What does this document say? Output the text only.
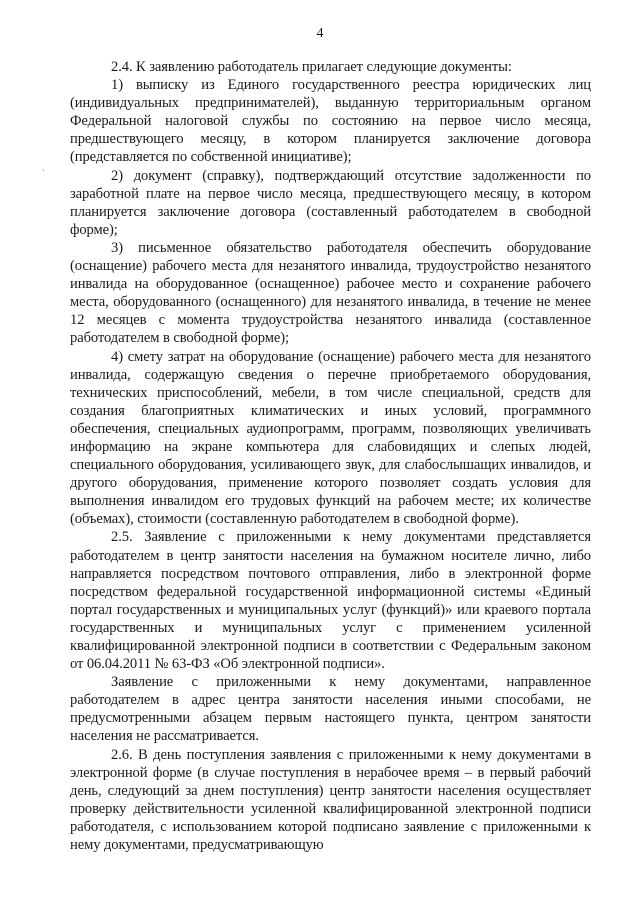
4
·

2.4. К заявлению работодатель прилагает следующие документы:

1) выписку из Единого государственного реестра юридических лиц (индивидуальных предпринимателей), выданную территориальным органом Федеральной налоговой службы по состоянию на первое число месяца, предшествующего месяцу, в котором планируется заключение договора (представляется по собственной инициативе);

2) документ (справку), подтверждающий отсутствие задолженности по заработной плате на первое число месяца, предшествующего месяцу, в котором планируется заключение договора (составленный работодателем в свободной форме);

3) письменное обязательство работодателя обеспечить оборудование (оснащение) рабочего места для незанятого инвалида, трудоустройство незанятого инвалида на оборудованное (оснащенное) рабочее место и сохранение рабочего места, оборудованного (оснащенного) для незанятого инвалида, в течение не менее 12 месяцев с момента трудоустройства незанятого инвалида (составленное работодателем в свободной форме);

4) смету затрат на оборудование (оснащение) рабочего места для незанятого инвалида, содержащую сведения о перечне приобретаемого оборудования, технических приспособлений, мебели, в том числе специальной, средств для создания благоприятных климатических и иных условий, программного обеспечения, специальных аудиопрограмм, программ, позволяющих увеличивать информацию на экране компьютера для слабовидящих и слепых людей, специального оборудования, усиливающего звук, для слабослышащих инвалидов, и другого оборудования, применение которого позволяет создать условия для выполнения инвалидом его трудовых функций на рабочем месте; их количестве (объемах), стоимости (составленную работодателем в свободной форме).

2.5. Заявление с приложенными к нему документами представляется работодателем в центр занятости населения на бумажном носителе лично, либо направляется посредством почтового отправления, либо в электронной форме посредством федеральной государственной информационной системы «Единый портал государственных и муниципальных услуг (функций)» или краевого портала государственных и муниципальных услуг с применением усиленной квалифицированной электронной подписи в соответствии с Федеральным законом от 06.04.2011 № 63-ФЗ «Об электронной подписи».

Заявление с приложенными к нему документами, направленное работодателем в адрес центра занятости населения иными способами, не предусмотренными абзацем первым настоящего пункта, центром занятости населения не рассматривается.

2.6. В день поступления заявления с приложенными к нему документами в электронной форме (в случае поступления в нерабочее время – в первый рабочий день, следующий за днем поступления) центр занятости населения осуществляет проверку действительности усиленной квалифицированной электронной подписи работодателя, с использованием которой подписано заявление с приложенными к нему документами, предусматривающую
